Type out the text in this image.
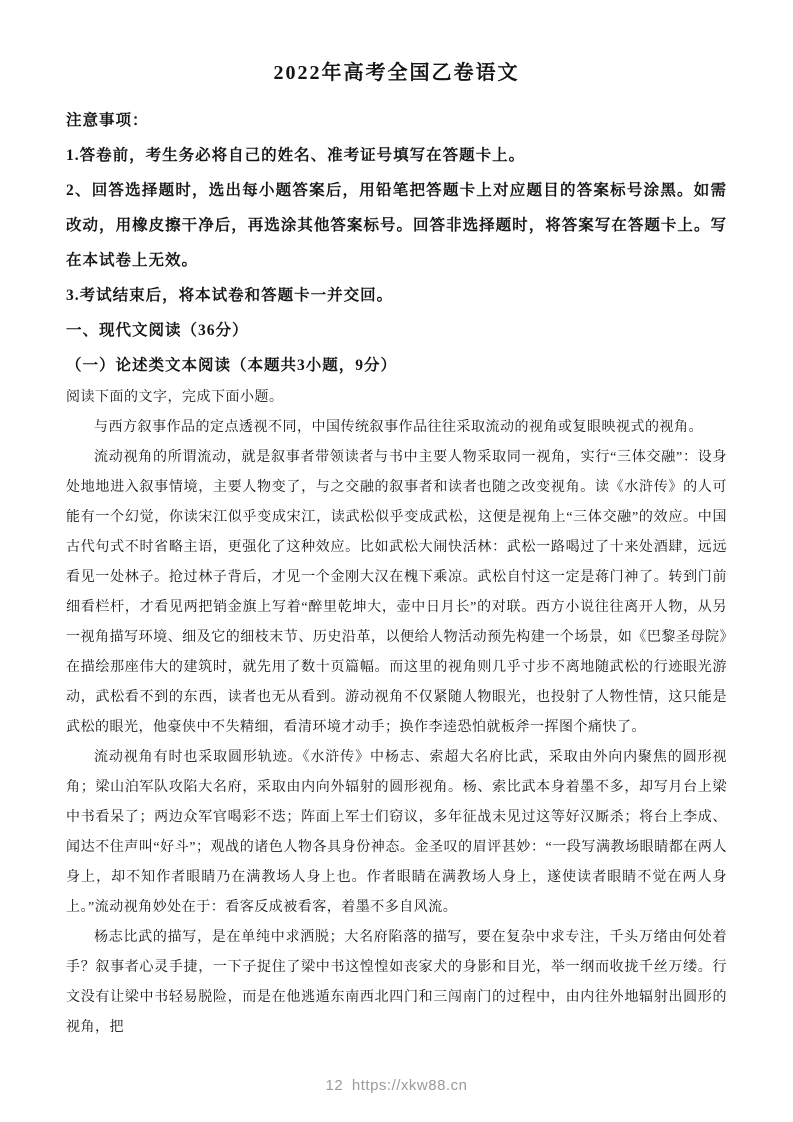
2022年高考全国乙卷语文
注意事项：

1.答卷前，考生务必将自己的姓名、准考证号填写在答题卡上。

2、回答选择题时，选出每小题答案后，用铅笔把答题卡上对应题目的答案标号涂黑。如需改动，用橡皮擦干净后，再选涂其他答案标号。回答非选择题时，将答案写在答题卡上。写在本试卷上无效。

3.考试结束后，将本试卷和答题卡一并交回。

一、现代文阅读（36分）
（一）论述类文本阅读（本题共3小题，9分）

阅读下面的文字，完成下面小题。

与西方叙事作品的定点透视不同，中国传统叙事作品往往采取流动的视角或复眼映视式的视角。

流动视角的所谓流动，就是叙事者带领读者与书中主要人物采取同一视角，实行“三体交融”：设身处地地进入叙事情境，主要人物变了，与之交融的叙事者和读者也随之改变视角。读《水浒传》的人可能有一个幻觉，你读宋江似乎变成宋江，读武松似乎变成武松，这便是视角上“三体交融”的效应。中国古代句式不时省略主语，更强化了这种效应。比如武松大闹快活林：武松一路喝过了十来处酒肆，远远看见一处林子。抢过林子背后，才见一个金刚大汉在槐下乘凉。武松自忖这一定是蒋门神了。转到门前细看栏杆，才看见两把销金旗上写着“醉里乾坤大，壶中日月长”的对联。西方小说往往离开人物，从另一视角描写环境、细及它的细枝末节、历史沿革，以便给人物活动预先构建一个场景，如《巴黎圣母院》在描绘那座伟大的建筑时，就先用了数十页篇幅。而这里的视角则几乎寸步不离地随武松的行迹眼光游动，武松看不到的东西，读者也无从看到。游动视角不仅紧随人物眼光，也投射了人物性情，这只能是武松的眼光，他豪侠中不失精细，看清环境才动手；换作李逵恐怕就板斧一挥图个痛快了。

流动视角有时也采取圆形轨迹。《水浒传》中杨志、索超大名府比武，采取由外向内聚焦的圆形视角；梁山泊军队攻陷大名府，采取由内向外辐射的圆形视角。杨、索比武本身着墨不多，却写月台上梁中书看呆了；两边众军官喝彩不迭；阵面上军士们窃议，多年征战未见过这等好汉厮杀；将台上李成、闻达不住声叫“好斗”；观战的诸色人物各具身份神态。金圣叹的眉评甚妙：“一段写满教场眼睛都在两人身上，却不知作者眼睛乃在满教场人身上也。作者眼睛在满教场人身上，遂使读者眼睛不觉在两人身上。”流动视角妙处在于：看客反成被看客，着墨不多自风流。

杨志比武的描写，是在单纯中求洒脱；大名府陷落的描写，要在复杂中求专注，千头万绪由何处着手？叙事者心灵手捷，一下子捉住了梁中书这惶惶如丧家犬的身影和目光，举一纲而收拢千丝万缕。行文没有让梁中书轻易脱险，而是在他逃遁东南西北四门和三闯南门的过程中，由内往外地辐射出圆形的视角，把

12 https://xkw88.cn
